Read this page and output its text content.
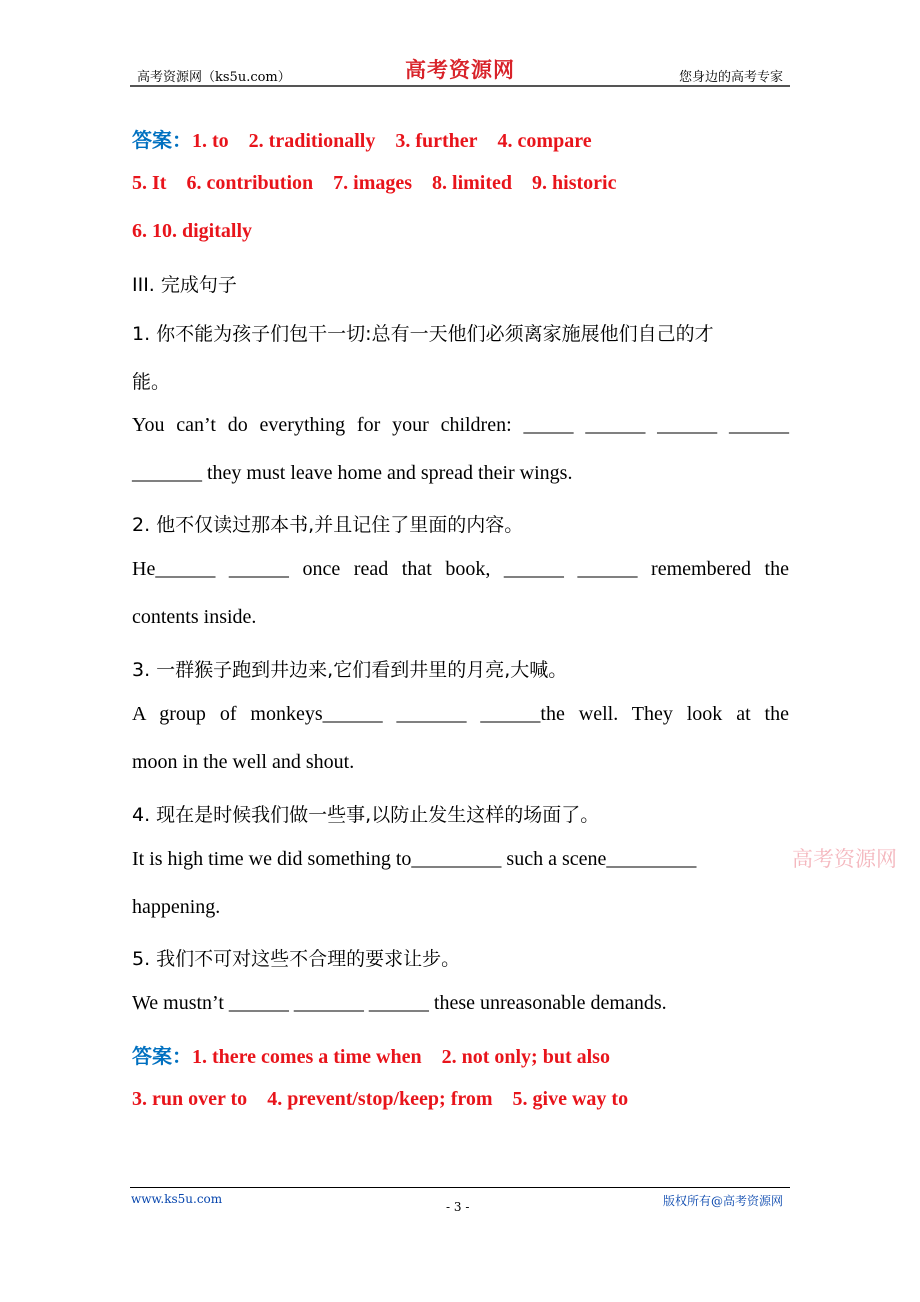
高考资源网（ks5u.com）	高考资源网	您身边的高考专家
答案：1. to 2. traditionally 3. further 4. compare
5. It 6. contribution 7. images 8. limited 9. historic
6. 10. digitally
III. 完成句子
1. 你不能为孩子们包干一切:总有一天他们必须离家施展他们自己的才
能。
You can’t do everything for your children: _____ ______ ______ ______
_______ they must leave home and spread their wings.
2. 他不仅读过那本书,并且记住了里面的内容。
He______ ______ once read that book, ______ ______ remembered the
contents inside.
3. 一群猴子跑到井边来,它们看到井里的月亮,大喊。
A group of monkeys______ _______ ______the well. They look at the
moon in the well and shout.
4. 现在是时候我们做一些事,以防止发生这样的场面了。
It is high time we did something to_________ such a scene_________	高考资源网
happening.
5. 我们不可对这些不合理的要求让步。
We mustn’t ______ _______ ______ these unreasonable demands.
答案：1. there comes a time when 2. not only; but also
3. run over to 4. prevent/stop/keep; from 5. give way to
www.ks5u.com
- 3 -	版权所有@高考资源网
